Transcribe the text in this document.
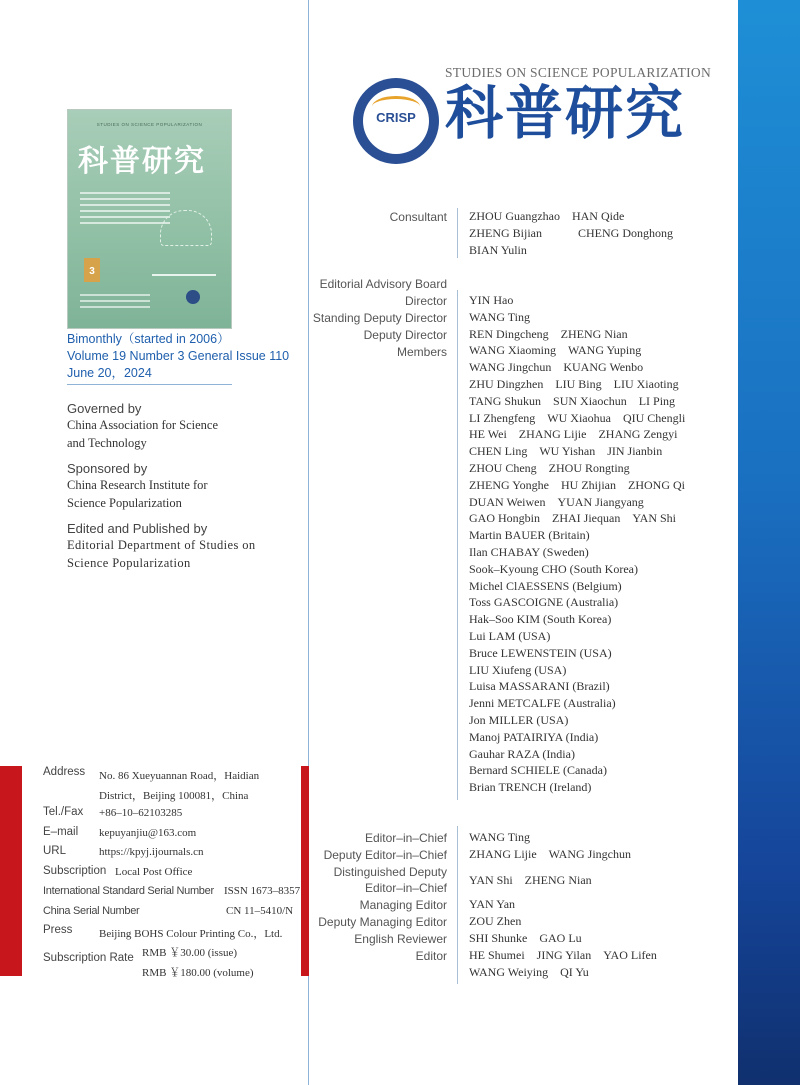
STUDIES ON SCIENCE POPULARIZATION
科普研究
3
Bimonthly（started in 2006）
Volume 19 Number 3 General Issue 110
June 20，2024
Governed by
China Association for Science
and Technology
Sponsored by
China Research Institute for
Science Popularization
Edited and Published by
Editorial Department of Studies on
Science Popularization
Address No. 86 Xueyuannan Road，Haidian
District，Beijing 100081，China
Tel./Fax +86–10–62103285
E–mail kepuyanjiu@163.com
URL	https://kpyj.ijournals.cn
Subscription Local Post Office
International Standard Serial Number ISSN 1673–8357
China Serial Number	CN 11–5410/N
Press Beijing BOHS Colour Printing Co.，Ltd.
Subscription Rate RMB ￥30.00 (issue)
RMB ￥180.00 (volume)
CRISP
STUDIES ON SCIENCE POPULARIZATION
科普研究
Consultant ZHOU Guangzhao　HAN Qide
ZHENG Bijian　　　CHENG Donghong
BIAN Yulin
Editorial Advisory Board
Director
Standing Deputy Director
Deputy Director
Members
YIN Hao
WANG Ting
REN Dingcheng　ZHENG Nian
WANG Xiaoming　WANG Yuping
WANG Jingchun　KUANG Wenbo
ZHU Dingzhen　LIU Bing　LIU Xiaoting
TANG Shukun　SUN Xiaochun　LI Ping
LI Zhengfeng　WU Xiaohua　QIU Chengli
HE Wei　ZHANG Lijie　ZHANG Zengyi
CHEN Ling　WU Yishan　JIN Jianbin
ZHOU Cheng　ZHOU Rongting
ZHENG Yonghe　HU Zhijian　ZHONG Qi
DUAN Weiwen　YUAN Jiangyang
GAO Hongbin　ZHAI Jiequan　YAN Shi
Martin BAUER (Britain)
Ilan CHABAY (Sweden)
Sook–Kyoung CHO (South Korea)
Michel ClAESSENS (Belgium)
Toss GASCOIGNE (Australia)
Hak–Soo KIM (South Korea)
Lui LAM (USA)
Bruce LEWENSTEIN (USA)
LIU Xiufeng (USA)
Luisa MASSARANI (Brazil)
Jenni METCALFE (Australia)
Jon MILLER (USA)
Manoj PATAIRIYA (India)
Gauhar RAZA (India)
Bernard SCHIELE (Canada)
Brian TRENCH (Ireland)
Editor–in–Chief WANG Ting
Deputy Editor–in–Chief ZHANG Lijie　WANG Jingchun
Distinguished Deputy
Editor–in–Chief
YAN Shi　ZHENG Nian
Managing Editor YAN Yan
Deputy Managing Editor ZOU Zhen
English Reviewer SHI Shunke　GAO Lu
Editor HE Shumei　JING Yilan　YAO Lifen
WANG Weiying　QI Yu
